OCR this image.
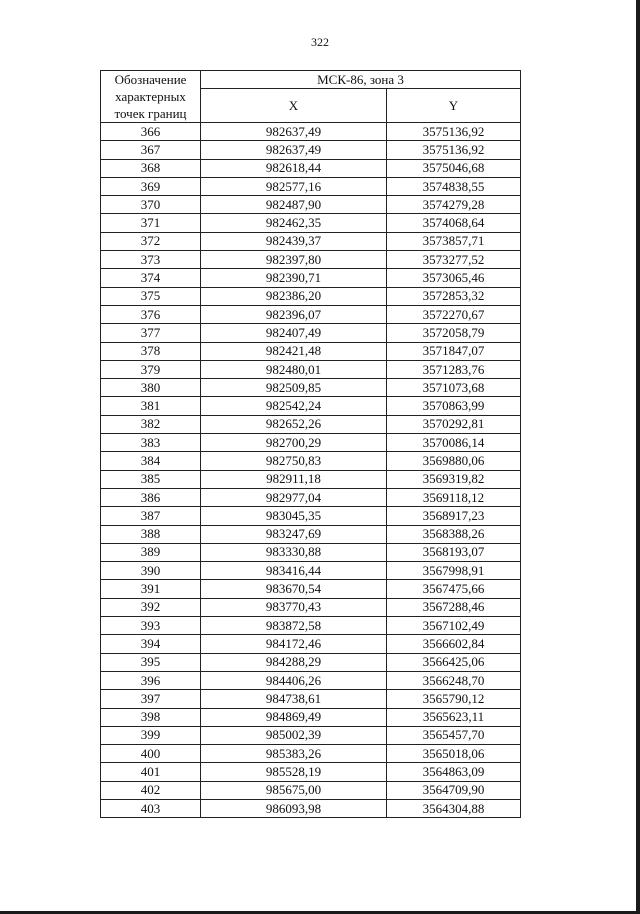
322
Обозначение характерных точек границ	МСК-86, зона 3	
	X	Y
366	982637,49	3575136,92
367	982637,49	3575136,92
368	982618,44	3575046,68
369	982577,16	3574838,55
370	982487,90	3574279,28
371	982462,35	3574068,64
372	982439,37	3573857,71
373	982397,80	3573277,52
374	982390,71	3573065,46
375	982386,20	3572853,32
376	982396,07	3572270,67
377	982407,49	3572058,79
378	982421,48	3571847,07
379	982480,01	3571283,76
380	982509,85	3571073,68
381	982542,24	3570863,99
382	982652,26	3570292,81
383	982700,29	3570086,14
384	982750,83	3569880,06
385	982911,18	3569319,82
386	982977,04	3569118,12
387	983045,35	3568917,23
388	983247,69	3568388,26
389	983330,88	3568193,07
390	983416,44	3567998,91
391	983670,54	3567475,66
392	983770,43	3567288,46
393	983872,58	3567102,49
394	984172,46	3566602,84
395	984288,29	3566425,06
396	984406,26	3566248,70
397	984738,61	3565790,12
398	984869,49	3565623,11
399	985002,39	3565457,70
400	985383,26	3565018,06
401	985528,19	3564863,09
402	985675,00	3564709,90
403	986093,98	3564304,88
